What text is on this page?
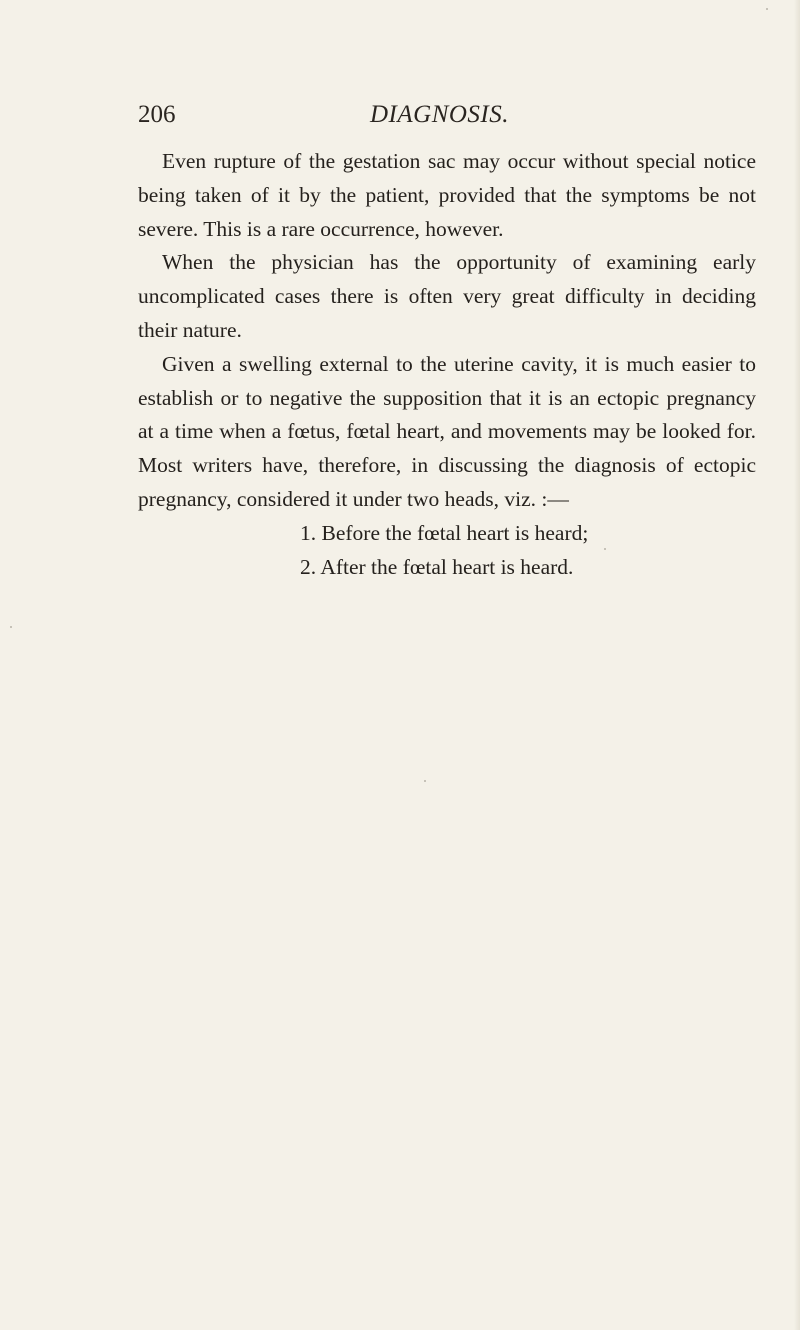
206	DIAGNOSIS.

Even rupture of the gestation sac may occur without special notice being taken of it by the patient, provided that the symptoms be not severe. This is a rare occurrence, however.

When the physician has the opportunity of examining early uncomplicated cases there is often very great difficulty in deciding their nature.

Given a swelling external to the uterine cavity, it is much easier to establish or to negative the supposition that it is an ectopic pregnancy at a time when a fœtus, fœtal heart, and movements may be looked for. Most writers have, therefore, in discussing the diagnosis of ectopic pregnancy, considered it under two heads, viz. :—

1. Before the fœtal heart is heard;
2. After the fœtal heart is heard.
